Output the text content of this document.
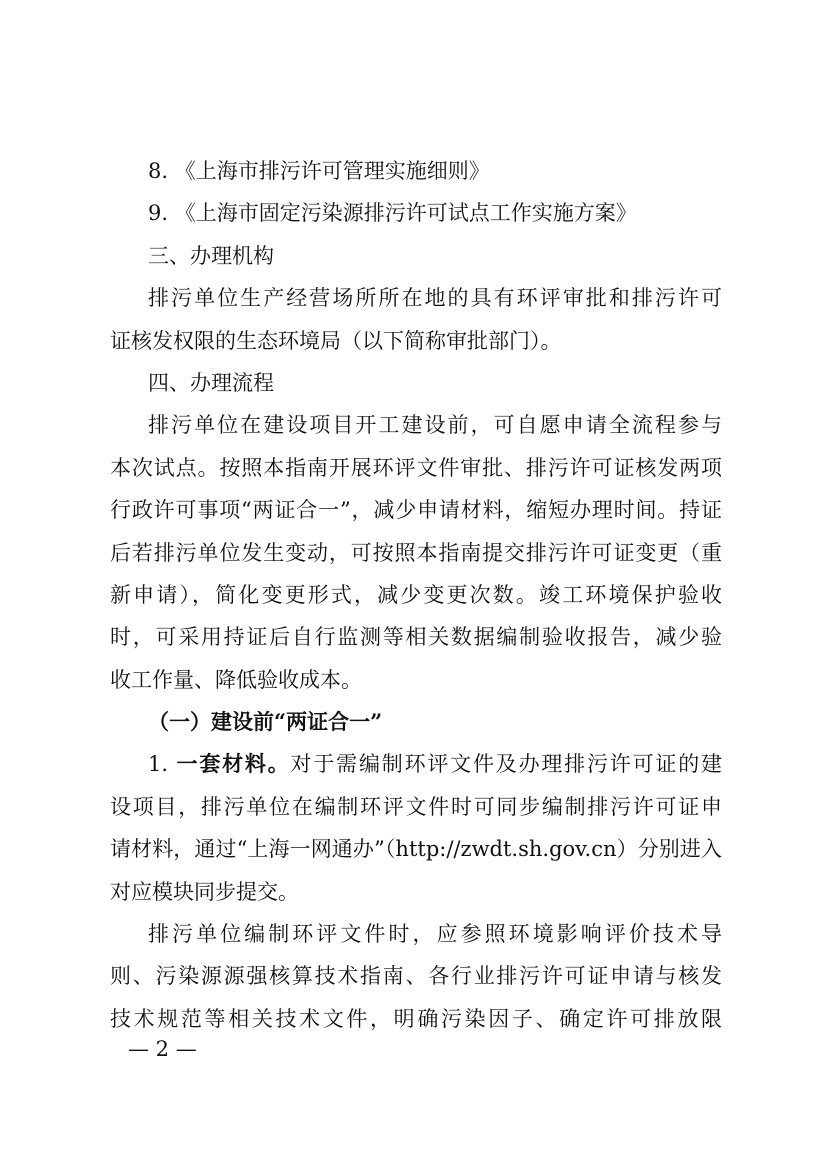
8. 《上海市排污许可管理实施细则》
9. 《上海市固定污染源排污许可试点工作实施方案》
三、办理机构
排污单位生产经营场所所在地的具有环评审批和排污许可
证核发权限的生态环境局（以下简称审批部门）。
四、办理流程
排污单位在建设项目开工建设前，可自愿申请全流程参与
本次试点。按照本指南开展环评文件审批、排污许可证核发两项
行政许可事项“两证合一”，减少申请材料，缩短办理时间。持证
后若排污单位发生变动，可按照本指南提交排污许可证变更（重
新申请），简化变更形式，减少变更次数。竣工环境保护验收
时，可采用持证后自行监测等相关数据编制验收报告，减少验
收工作量、降低验收成本。
（一）建设前“两证合一”
1. 一套材料。对于需编制环评文件及办理排污许可证的建
设项目，排污单位在编制环评文件时可同步编制排污许可证申
请材料，通过“上海一网通办”（http://zwdt.sh.gov.cn）分别进入
对应模块同步提交。
排污单位编制环评文件时，应参照环境影响评价技术导
则、污染源源强核算技术指南、各行业排污许可证申请与核发
技术规范等相关技术文件，明确污染因子、确定许可排放限
— 2 —
